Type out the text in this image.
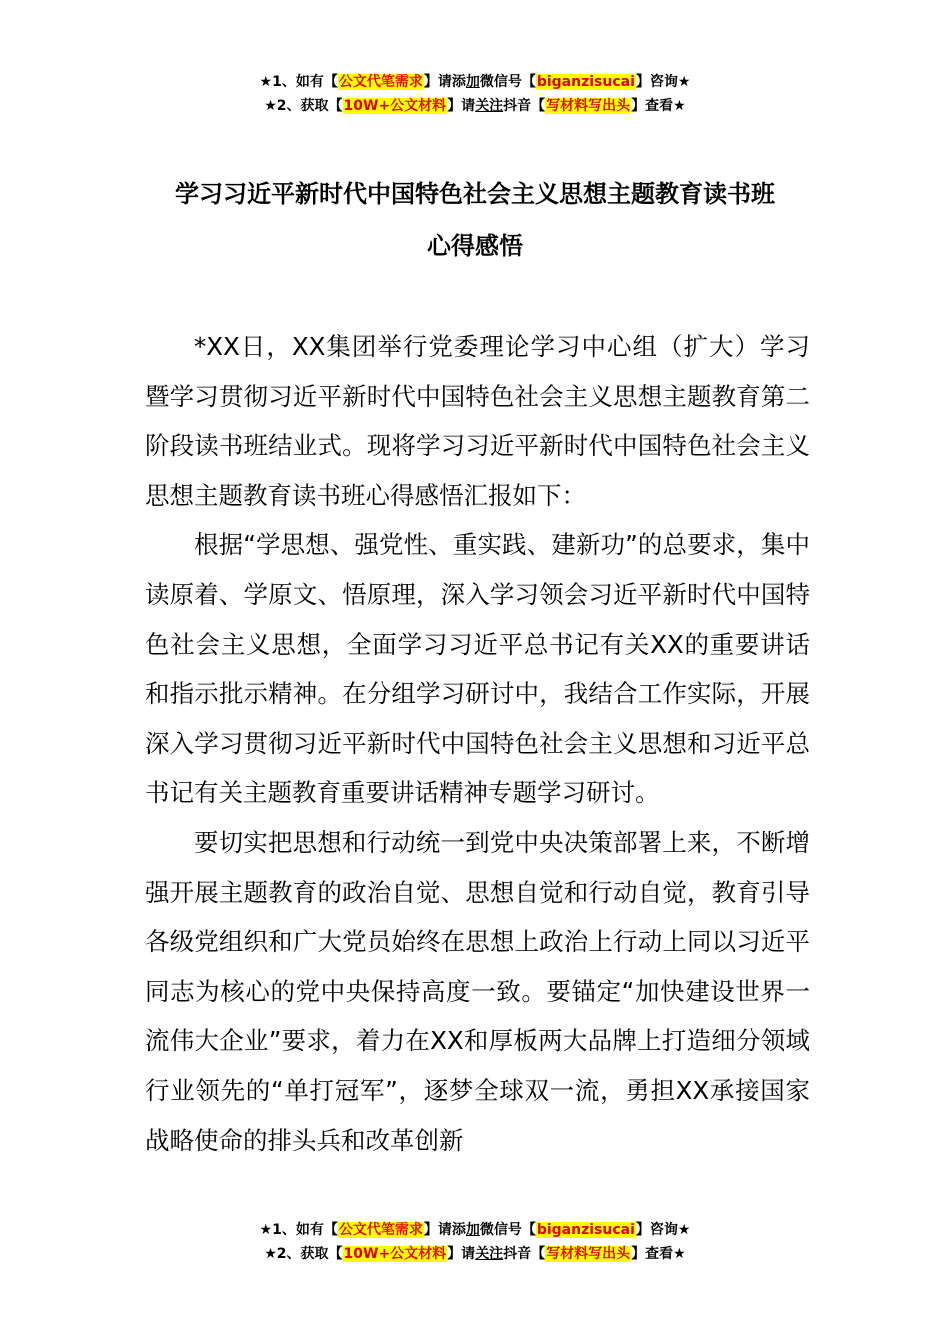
★1、如有【公文代笔需求】请添加微信号【biganzisucai】咨询★
★2、获取【10W+公文材料】请关注抖音【写材料写出头】查看★
学习习近平新时代中国特色社会主义思想主题教育读书班
心得感悟

*XX日，XX集团举行党委理论学习中心组（扩大）学习暨学习贯彻习近平新时代中国特色社会主义思想主题教育第二阶段读书班结业式。现将学习习近平新时代中国特色社会主义思想主题教育读书班心得感悟汇报如下：

根据“学思想、强党性、重实践、建新功”的总要求，集中读原着、学原文、悟原理，深入学习领会习近平新时代中国特色社会主义思想，全面学习习近平总书记有关XX的重要讲话和指示批示精神。在分组学习研讨中，我结合工作实际，开展深入学习贯彻习近平新时代中国特色社会主义思想和习近平总书记有关主题教育重要讲话精神专题学习研讨。

要切实把思想和行动统一到党中央决策部署上来，不断增强开展主题教育的政治自觉、思想自觉和行动自觉，教育引导各级党组织和广大党员始终在思想上政治上行动上同以习近平同志为核心的党中央保持高度一致。要锚定“加快建设世界一流伟大企业”要求，着力在XX和厚板两大品牌上打造细分领域行业领先的“单打冠军”，逐梦全球双一流，勇担XX承接国家战略使命的排头兵和改革创新

★1、如有【公文代笔需求】请添加微信号【biganzisucai】咨询★
★2、获取【10W+公文材料】请关注抖音【写材料写出头】查看★
